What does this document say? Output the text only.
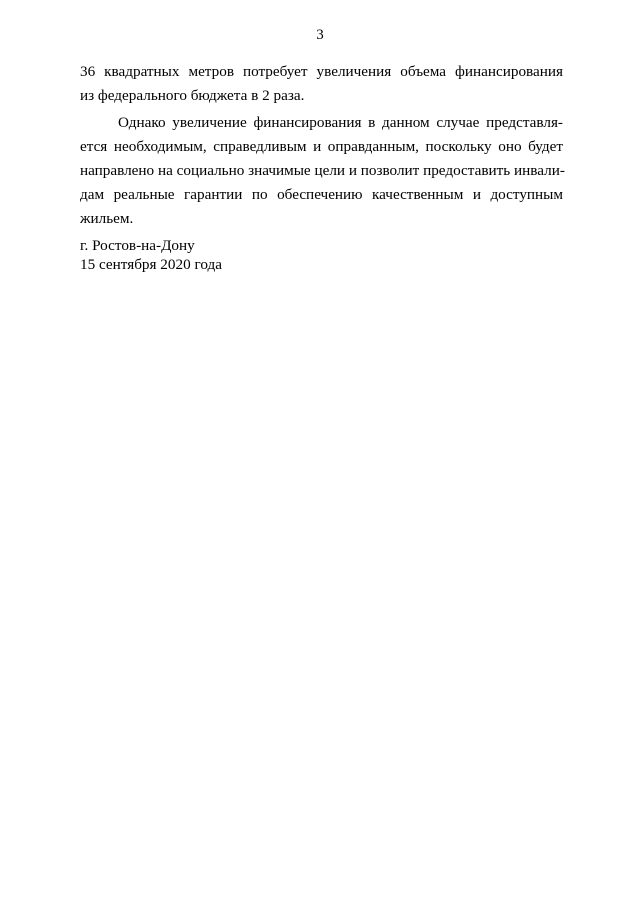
3

36 квадратных метров потребует увеличения объема финансирования
из федерального бюджета в 2 раза.

Однако увеличение финансирования в данном случае представля-
ется необходимым, справедливым и оправданным, поскольку оно будет
направлено на социально значимые цели и позволит предоставить инвали-
дам реальные гарантии по обеспечению качественным и доступным
жильем.

г. Ростов-на-Дону
15 сентября 2020 года
